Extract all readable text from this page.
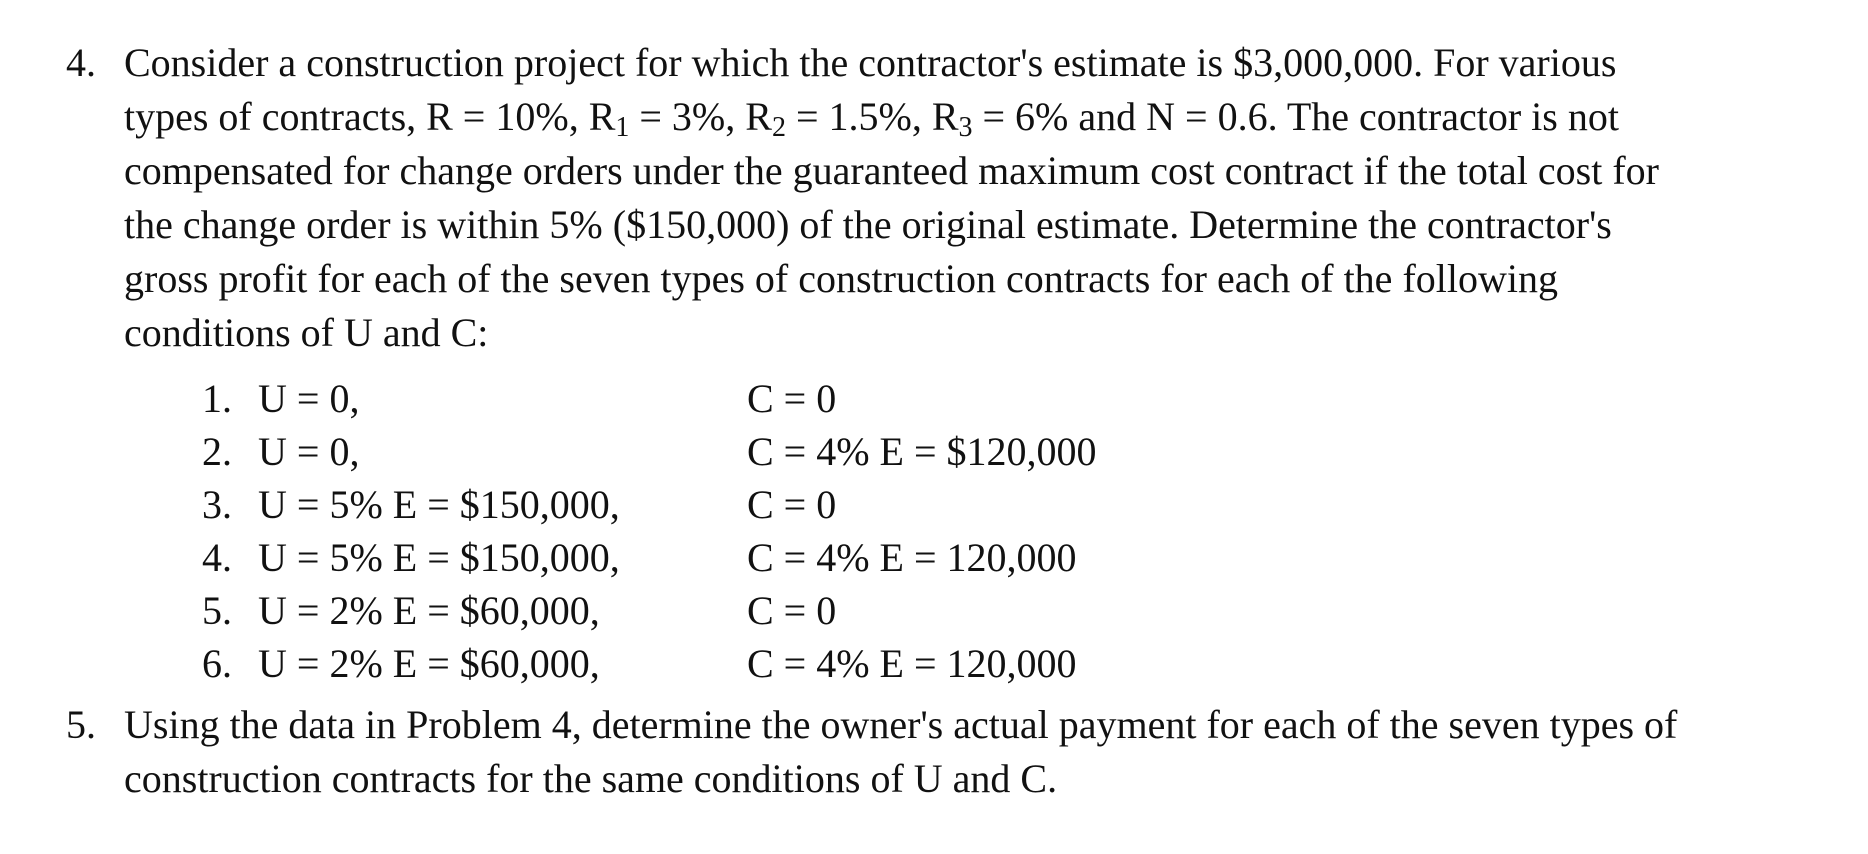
4. Consider a construction project for which the contractor's estimate is $3,000,000. For various
types of contracts, R = 10%, $R_1 = 3\%$, $R_2 = 1.5\%$, $R_3 = 6\%$ and N = 0.6. The contractor is not
compensated for change orders under the guaranteed maximum cost contract if the total cost for
the change order is within 5% ($150,000) of the original estimate. Determine the contractor's
gross profit for each of the seven types of construction contracts for each of the following
conditions of U and C:
1. U = 0,	C = 0
2. U = 0,	C = 4% E = $120,000
3. U = 5% E = $150,000,	C = 0
4. U = 5% E = $150,000,	C = 4% E = 120,000
5. U = 2% E = $60,000,	C = 0
6. U = 2% E = $60,000,	C = 4% E = 120,000
5. Using the data in Problem 4, determine the owner's actual payment for each of the seven types of
construction contracts for the same conditions of U and C.
